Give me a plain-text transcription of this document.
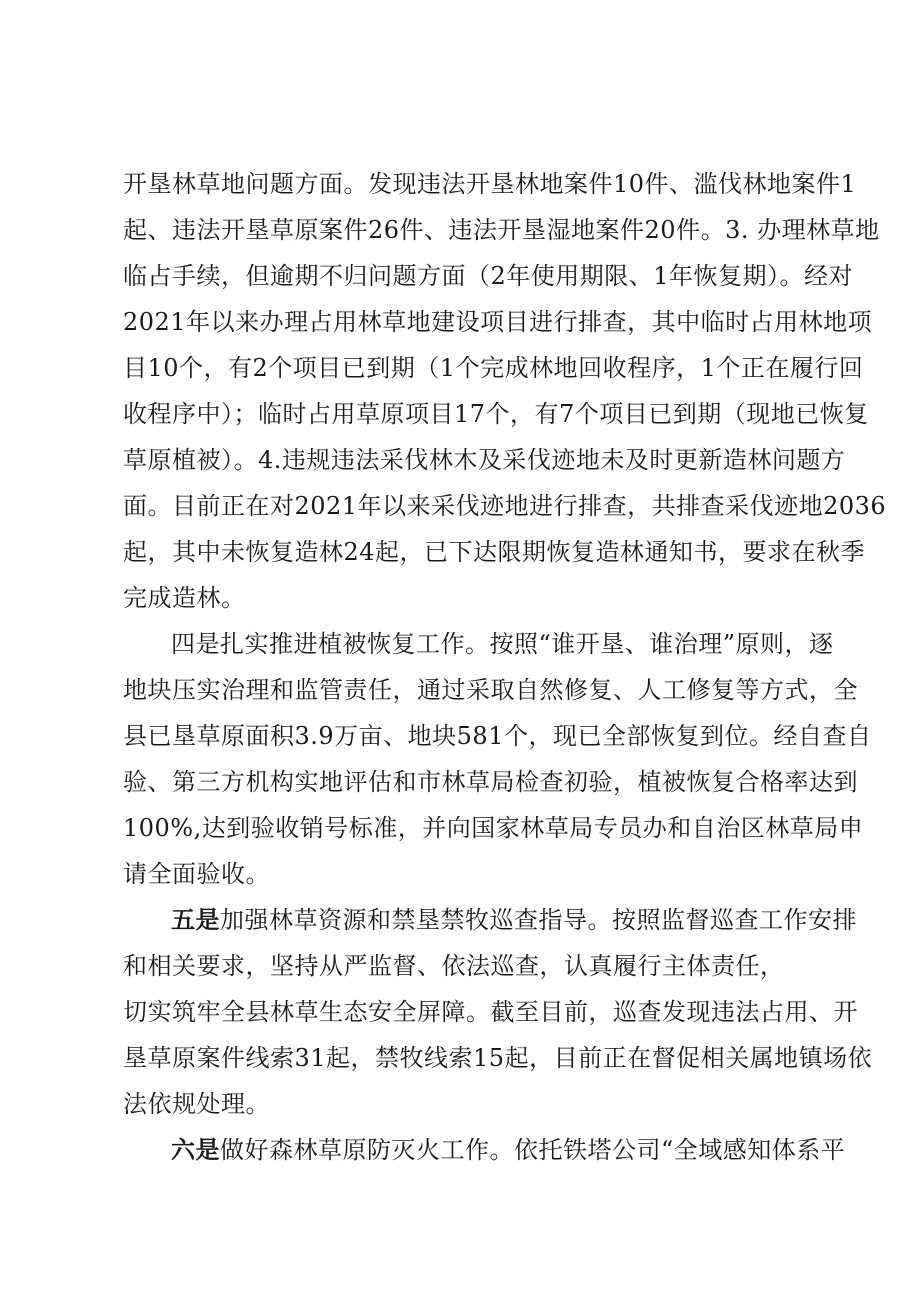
开垦林草地问题方面。发现违法开垦林地案件10件、滥伐林地案件1
起、违法开垦草原案件26件、违法开垦湿地案件20件。3. 办理林草地
临占手续，但逾期不归问题方面（2年使用期限、1年恢复期）。经对
2021年以来办理占用林草地建设项目进行排查，其中临时占用林地项
目10个，有2个项目已到期（1个完成林地回收程序，1个正在履行回
收程序中）；临时占用草原项目17个，有7个项目已到期（现地已恢复
草原植被）。4.违规违法采伐林木及采伐迹地未及时更新造林问题方
面。目前正在对2021年以来采伐迹地进行排查，共排查采伐迹地2036
起，其中未恢复造林24起，已下达限期恢复造林通知书，要求在秋季
完成造林。
四是扎实推进植被恢复工作。按照“谁开垦、谁治理”原则，逐
地块压实治理和监管责任，通过采取自然修复、人工修复等方式，全
县已垦草原面积3.9万亩、地块581个，现已全部恢复到位。经自查自
验、第三方机构实地评估和市林草局检查初验，植被恢复合格率达到
100%,达到验收销号标准，并向国家林草局专员办和自治区林草局申
请全面验收。
五是加强林草资源和禁垦禁牧巡查指导。按照监督巡查工作安排
和相关要求，坚持从严监督、依法巡查，认真履行主体责任，
切实筑牢全县林草生态安全屏障。截至目前，巡查发现违法占用、开
垦草原案件线索31起，禁牧线索15起，目前正在督促相关属地镇场依
法依规处理。
六是做好森林草原防灭火工作。依托铁塔公司“全域感知体系平
